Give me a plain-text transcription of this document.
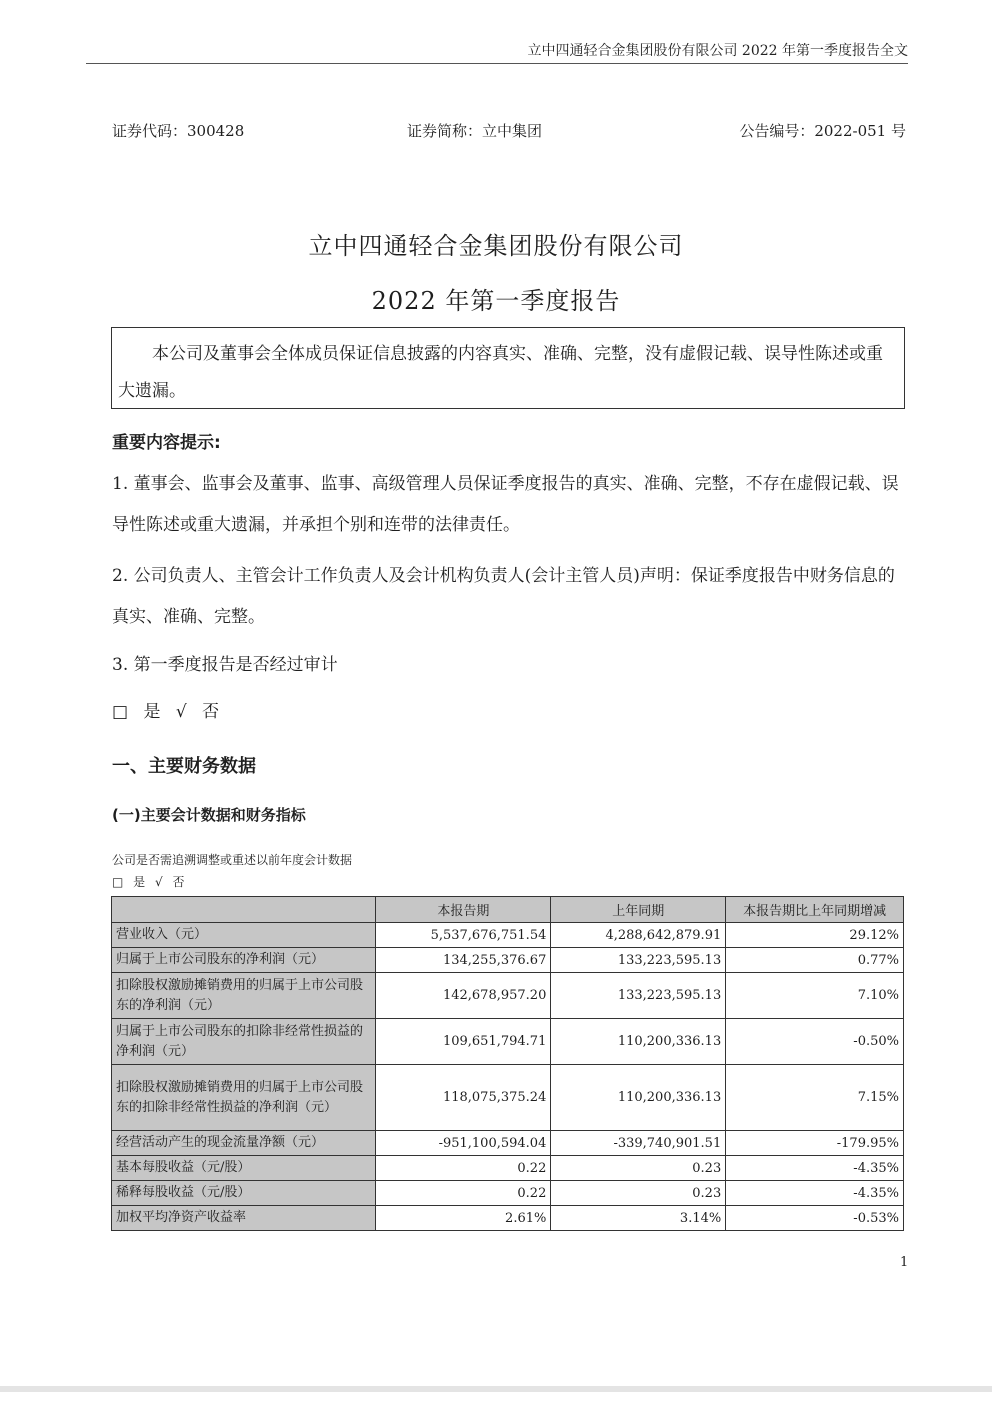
立中四通轻合金集团股份有限公司 2022 年第一季度报告全文
证券代码：300428	证券简称：立中集团	公告编号：2022-051 号
立中四通轻合金集团股份有限公司
2022 年第一季度报告

本公司及董事会全体成员保证信息披露的内容真实、准确、完整，没有虚假记载、误导性陈述或重大遗漏。

重要内容提示:

1. 董事会、监事会及董事、监事、高级管理人员保证季度报告的真实、准确、完整，不存在虚假记载、误导性陈述或重大遗漏，并承担个别和连带的法律责任。

2. 公司负责人、主管会计工作负责人及会计机构负责人(会计主管人员)声明：保证季度报告中财务信息的真实、准确、完整。

3. 第一季度报告是否经过审计

□ 是 √ 否
一、主要财务数据
(一)主要会计数据和财务指标
公司是否需追溯调整或重述以前年度会计数据
□ 是 √ 否
	本报告期	上年同期	本报告期比上年同期增减
营业收入（元）	5,537,676,751.54	4,288,642,879.91	29.12%
归属于上市公司股东的净利润（元）	134,255,376.67	133,223,595.13	0.77%
扣除股权激励摊销费用的归属于上市公司股东的净利润（元）	142,678,957.20	133,223,595.13	7.10%
归属于上市公司股东的扣除非经常性损益的净利润（元）	109,651,794.71	110,200,336.13	-0.50%
扣除股权激励摊销费用的归属于上市公司股东的扣除非经常性损益的净利润（元）	118,075,375.24	110,200,336.13	7.15%
经营活动产生的现金流量净额（元）	-951,100,594.04	-339,740,901.51	-179.95%
基本每股收益（元/股）	0.22	0.23	-4.35%
稀释每股收益（元/股）	0.22	0.23	-4.35%
加权平均净资产收益率	2.61%	3.14%	-0.53%
1
